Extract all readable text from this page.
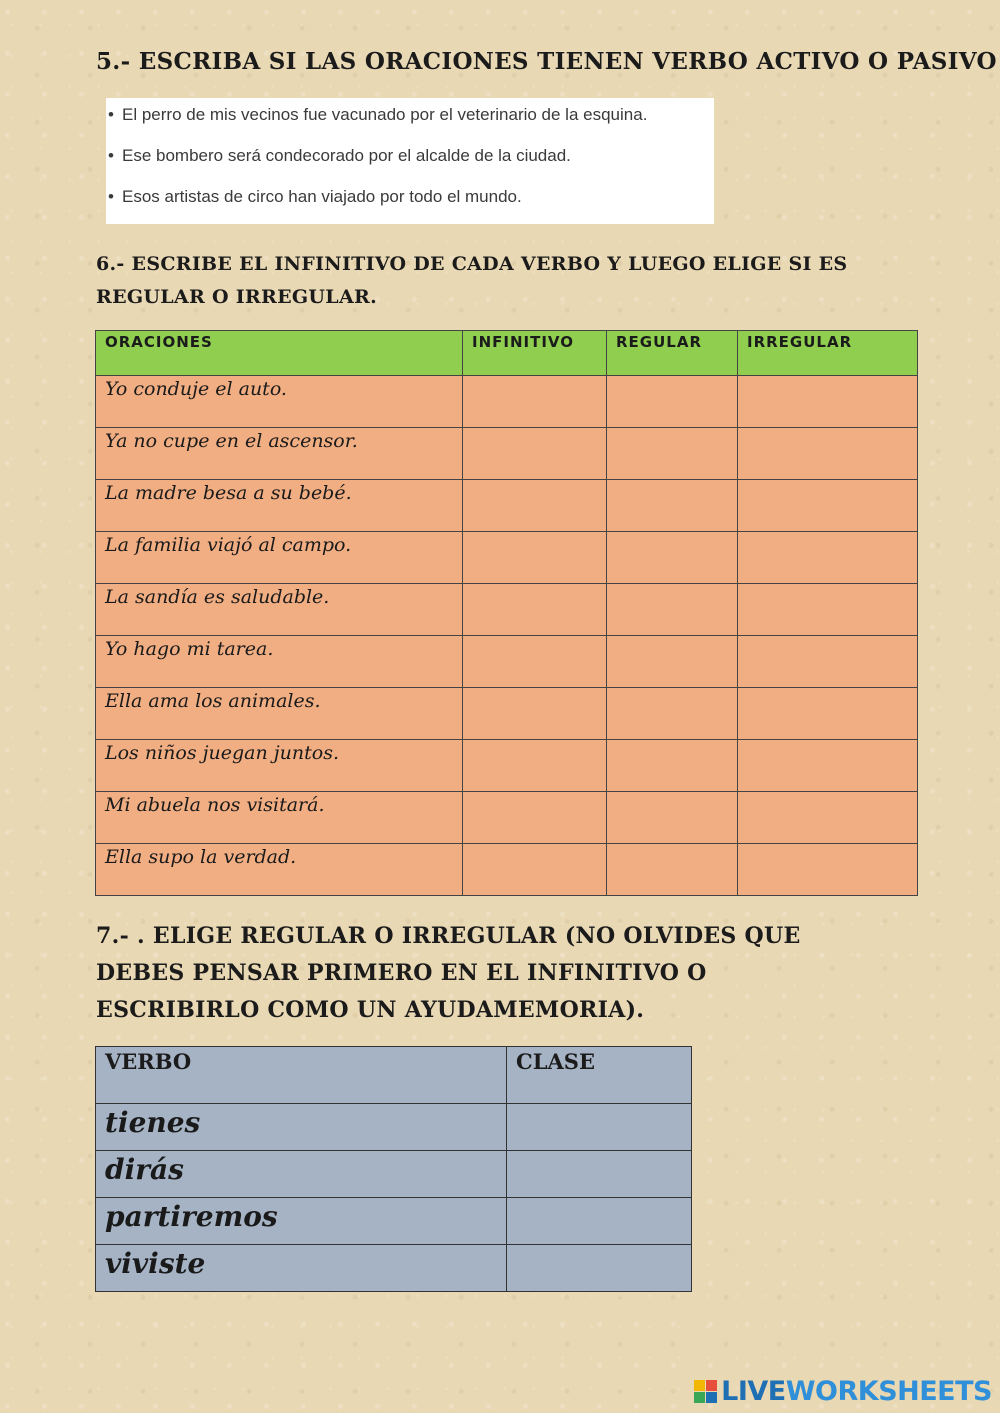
5.- ESCRIBA SI LAS ORACIONES TIENEN VERBO ACTIVO O PASIVO
• El perro de mis vecinos fue vacunado por el veterinario de la esquina.
• Ese bombero será condecorado por el alcalde de la ciudad.
• Esos artistas de circo han viajado por todo el mundo.
6.- ESCRIBE EL INFINITIVO DE CADA VERBO Y LUEGO ELIGE SI ES REGULAR O IRREGULAR.
ORACIONES	INFINITIVO	REGULAR	IRREGULAR
Yo conduje el auto.			
Ya no cupe en el ascensor.			
La madre besa a su bebé.			
La familia viajó al campo.			
La sandía es saludable.			
Yo hago mi tarea.			
Ella ama los animales.			
Los niños juegan juntos.			
Mi abuela nos visitará.			
Ella supo la verdad.			
7.- . ELIGE REGULAR O IRREGULAR (NO OLVIDES QUE DEBES PENSAR PRIMERO EN EL INFINITIVO O ESCRIBIRLO COMO UN AYUDAMEMORIA).
VERBO	CLASE
tienes	
dirás	
partiremos	
viviste	
LIVE WORKSHEETS
